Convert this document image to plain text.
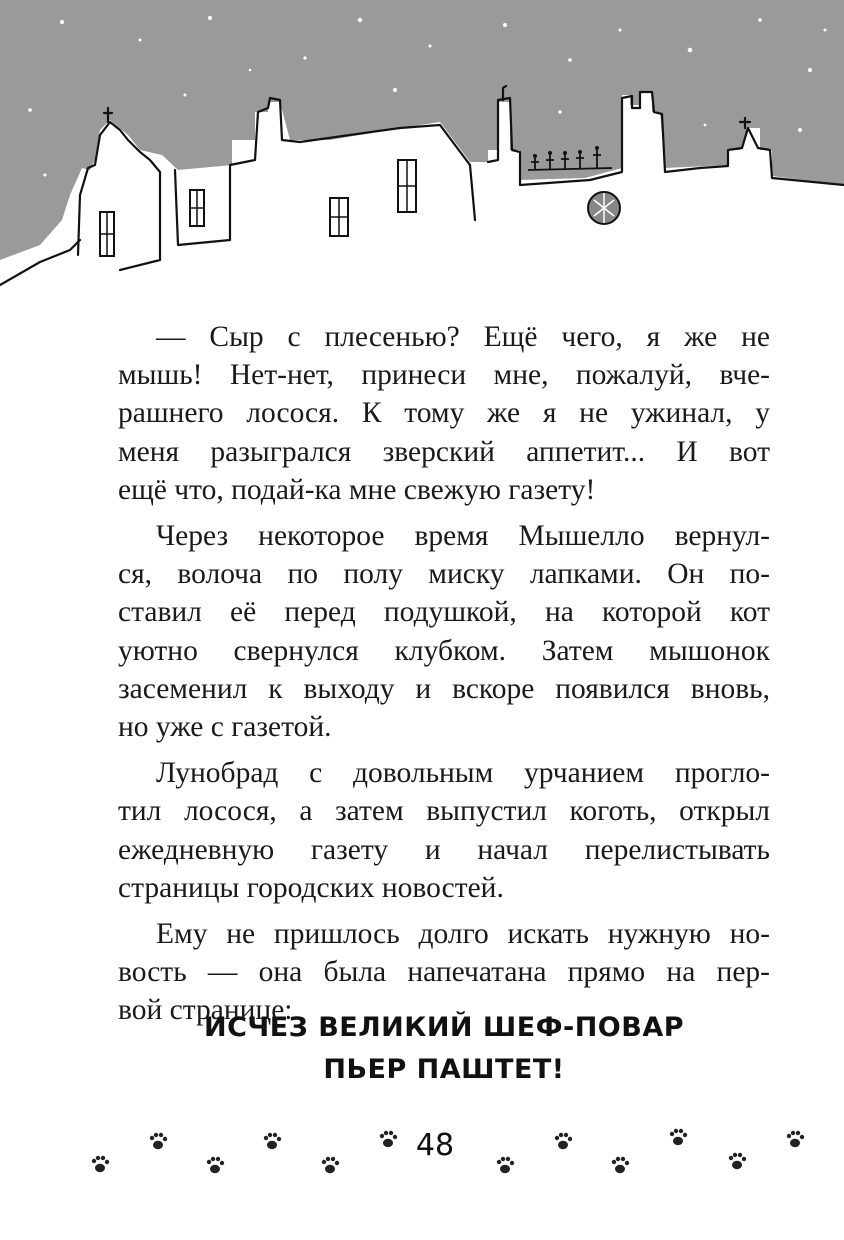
— Сыр с плесенью? Ещё чего, я же не
мышь! Нет-нет, принеси мне, пожалуй, вче-
рашнего лосося. К тому же я не ужинал, у
меня разыгрался зверский аппетит... И вот
ещё что, подай-ка мне свежую газету!

Через некоторое время Мышелло вернул-
ся, волоча по полу миску лапками. Он по-
ставил её перед подушкой, на которой кот
уютно свернулся клубком. Затем мышонок
засеменил к выходу и вскоре появился вновь,
но уже с газетой.

Лунобрад с довольным урчанием прогло-
тил лосося, а затем выпустил коготь, открыл
ежедневную газету и начал перелистывать
страницы городских новостей.

Ему не пришлось долго искать нужную но-
вость — она была напечатана прямо на пер-
вой странице:

ИСЧЕЗ ВЕЛИКИЙ ШЕФ-ПОВАР
ПЬЕР ПАШТЕТ!
48
